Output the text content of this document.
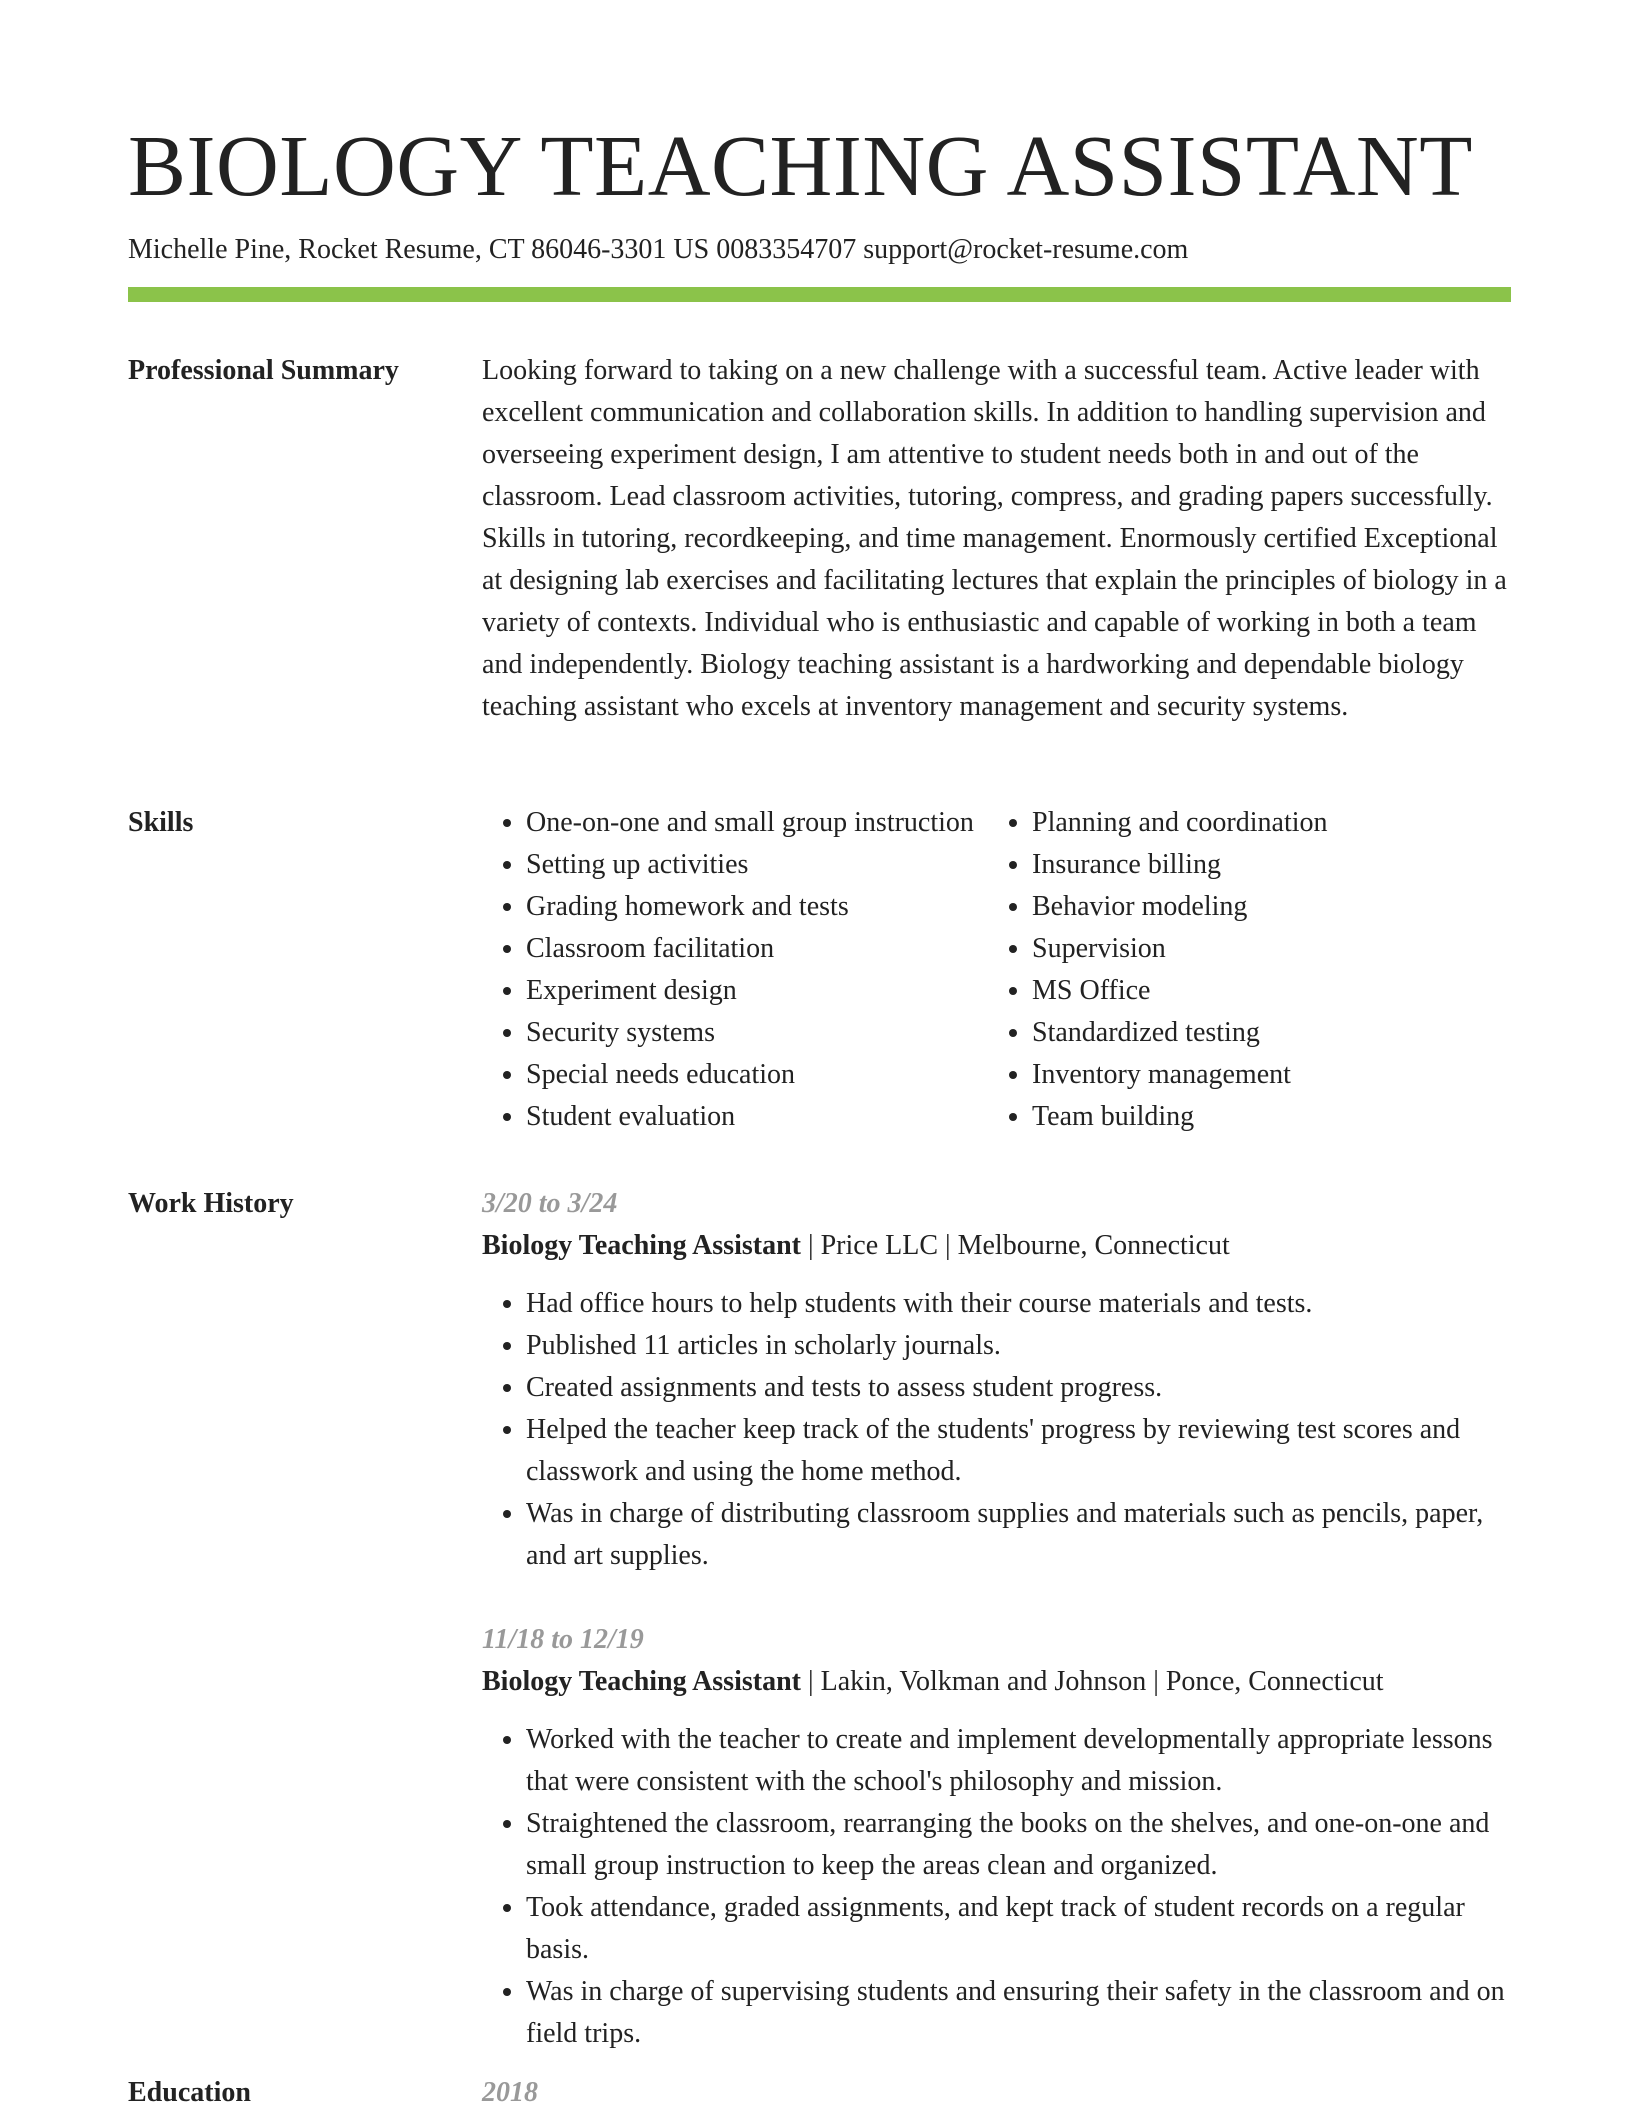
BIOLOGY TEACHING ASSISTANT
Michelle Pine, Rocket Resume, CT 86046-3301 US 0083354707 support@rocket-resume.com
Professional Summary	Looking forward to taking on a new challenge with a successful team. Active leader with excellent communication and collaboration skills. In addition to handling supervision and overseeing experiment design, I am attentive to student needs both in and out of the classroom. Lead classroom activities, tutoring, compress, and grading papers successfully. Skills in tutoring, recordkeeping, and time management. Enormously certified Exceptional at designing lab exercises and facilitating lectures that explain the principles of biology in a variety of contexts. Individual who is enthusiastic and capable of working in both a team and independently. Biology teaching assistant is a hardworking and dependable biology teaching assistant who excels at inventory management and security systems.

Skills
•	One-on-one and small group instruction
• Setting up activities
• Grading homework and tests
• Classroom facilitation
• Experiment design
• Security systems
• Special needs education
• Student evaluation
• Planning and coordination
• Insurance billing
• Behavior modeling
• Supervision
• MS Office
• Standardized testing
• Inventory management
• Team building
Work History	3/20 to 3/24

Biology Teaching Assistant | Price LLC | Melbourne, Connecticut

• Had office hours to help students with their course materials and tests.
• Published 11 articles in scholarly journals.
• Created assignments and tests to assess student progress.
• Helped the teacher keep track of the students' progress by reviewing test scores and classwork and using the home method.
• Was in charge of distributing classroom supplies and materials such as pencils, paper, and art supplies.
11/18 to 12/19

Biology Teaching Assistant | Lakin, Volkman and Johnson | Ponce, Connecticut

• Worked with the teacher to create and implement developmentally appropriate lessons that were consistent with the school's philosophy and mission.
• Straightened the classroom, rearranging the books on the shelves, and one-on-one and small group instruction to keep the areas clean and organized.
• Took attendance, graded assignments, and kept track of student records on a regular basis.
• Was in charge of supervising students and ensuring their safety in the classroom and on field trips.
Education	2018
